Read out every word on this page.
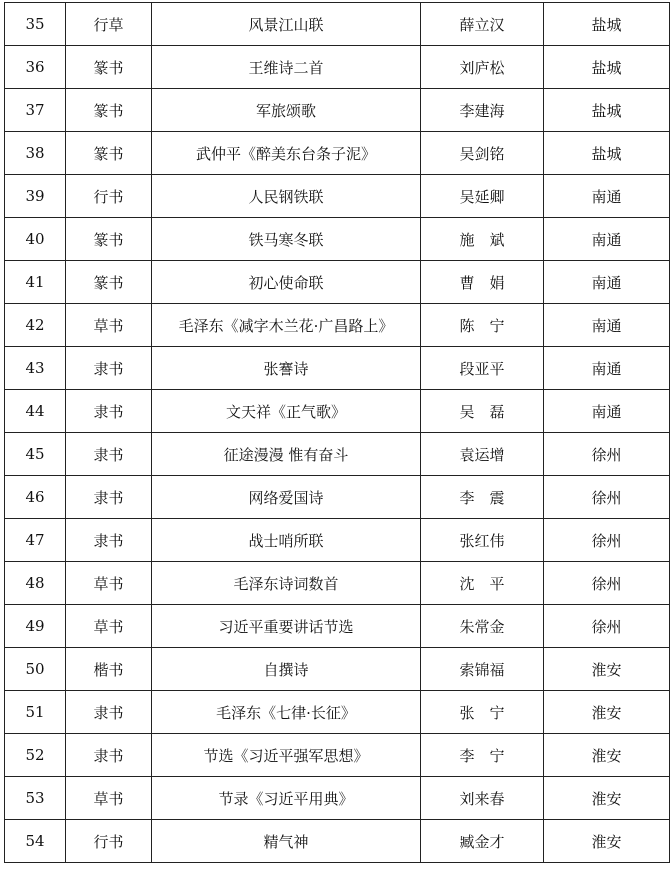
35	行草	风景江山联	薛立汉	盐城
36	篆书	王维诗二首	刘庐松	盐城
37	篆书	军旅颂歌	李建海	盐城
38	篆书	武仲平《醉美东台条子泥》	吴剑铭	盐城
39	行书	人民钢铁联	吴延卿	南通
40	篆书	铁马寒冬联	施　斌	南通
41	篆书	初心使命联	曹　娟	南通
42	草书	毛泽东《减字木兰花·广昌路上》	陈　宁	南通
43	隶书	张謇诗	段亚平	南通
44	隶书	文天祥《正气歌》	吴　磊	南通
45	隶书	征途漫漫 惟有奋斗	袁运增	徐州
46	隶书	网络爱国诗	李　震	徐州
47	隶书	战士哨所联	张红伟	徐州
48	草书	毛泽东诗词数首	沈　平	徐州
49	草书	习近平重要讲话节选	朱常金	徐州
50	楷书	自撰诗	索锦福	淮安
51	隶书	毛泽东《七律·长征》	张　宁	淮安
52	隶书	节选《习近平强军思想》	李　宁	淮安
53	草书	节录《习近平用典》	刘来春	淮安
54	行书	精气神	臧金才	淮安
